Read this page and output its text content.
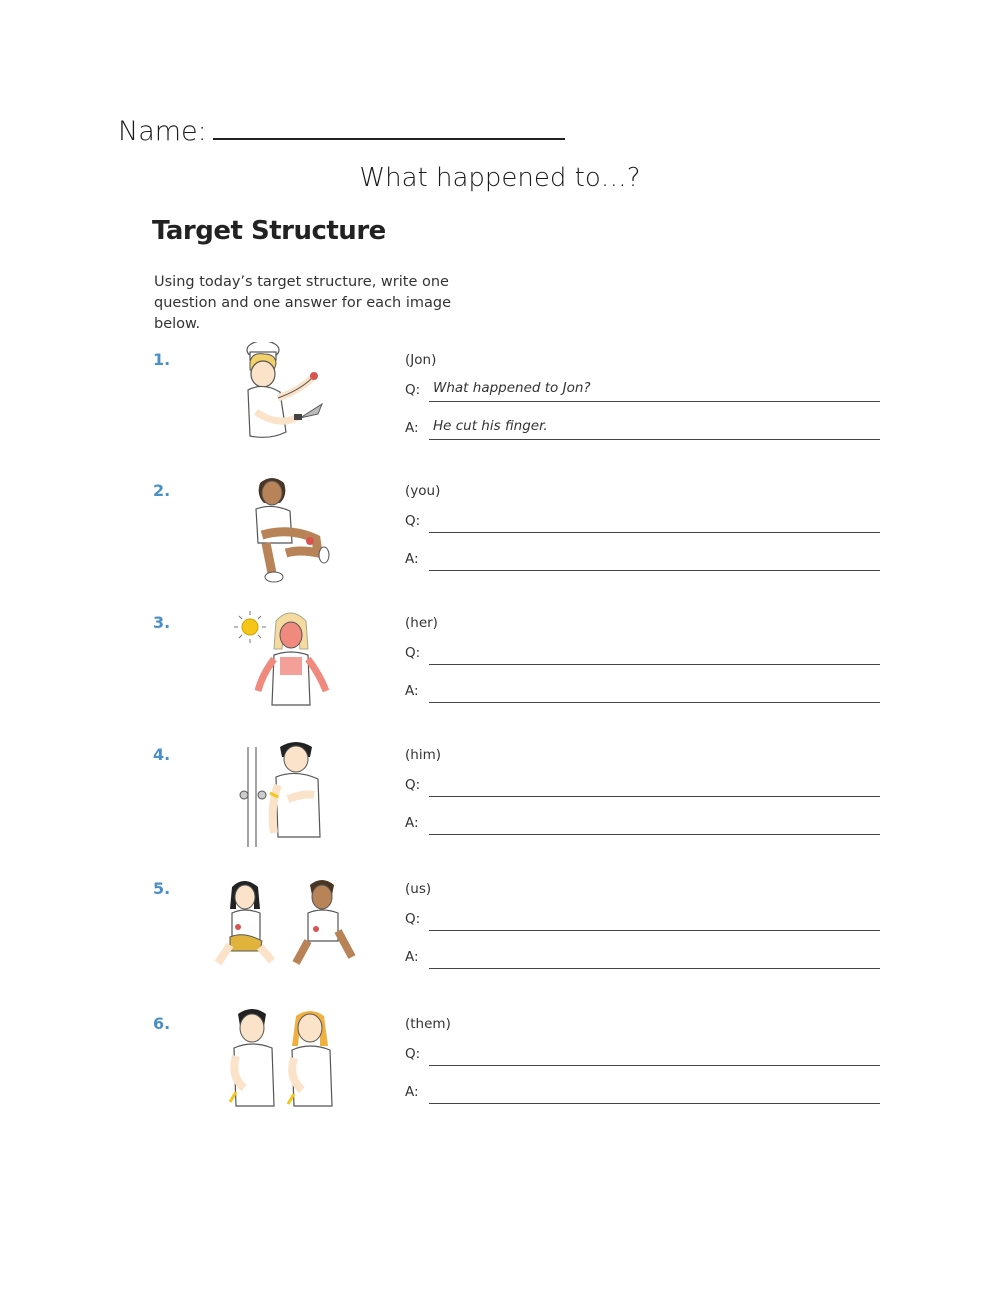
Name:
What happened to…?
Target Structure
Using today’s target structure, write one question and one answer for each image below.
1.	(Jon)
Q: What happened to Jon?
A: He cut his finger.
2.	(you)
Q:
A:
3.	(her)
Q:
A:
4.	(him)
Q:
A:
5.	(us)
Q:
A:
6.	(them)
Q:
A:
